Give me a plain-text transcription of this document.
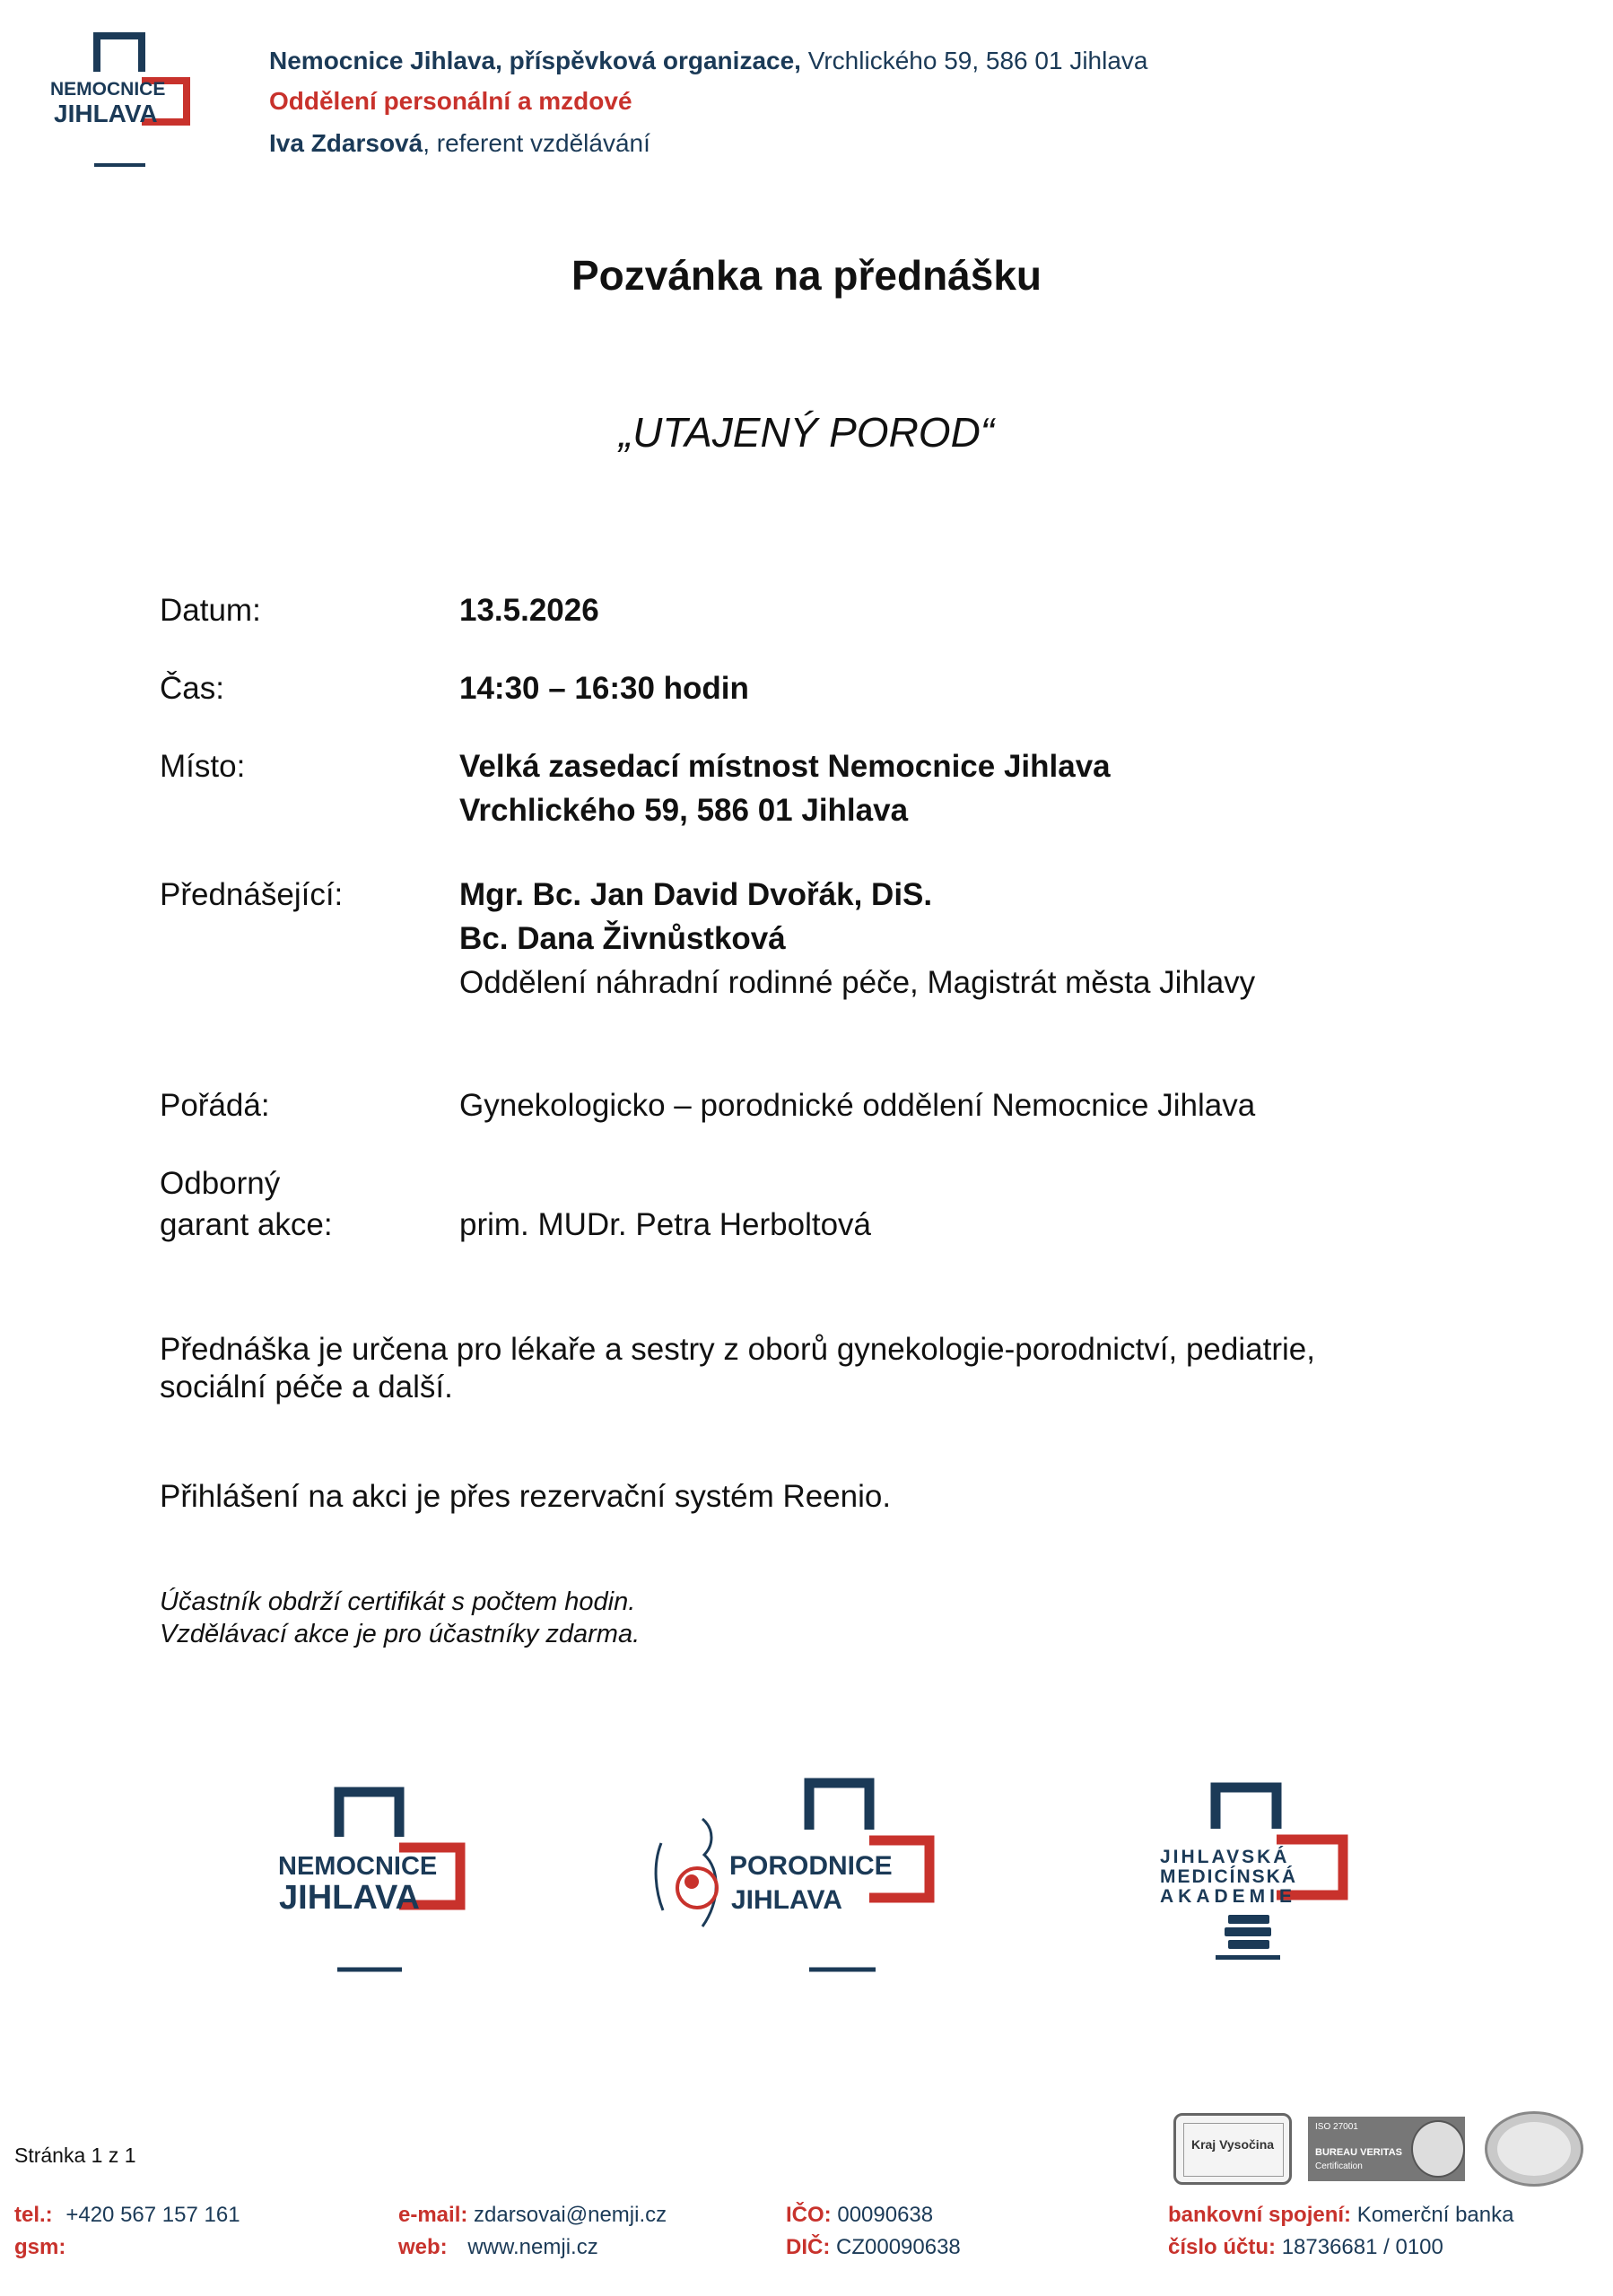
NEMOCNICE
JIHLAVA
Nemocnice Jihlava, příspěvková organizace, Vrchlického 59, 586 01 Jihlava
Oddělení personální a mzdové
Iva Zdarsová, referent vzdělávání
Pozvánka na přednášku
„UTAJENÝ POROD“
Datum:	13.5.2026
Čas:	14:30 – 16:30 hodin
Místo:	Velká zasedací místnost Nemocnice Jihlava
Vrchlického 59, 586 01 Jihlava
Přednášející:	Mgr. Bc. Jan David Dvořák, DiS.
Bc. Dana Živnůstková
Oddělení náhradní rodinné péče, Magistrát města Jihlavy
Pořádá:	Gynekologicko – porodnické oddělení Nemocnice Jihlava
Odborný
garant akce:	prim. MUDr. Petra Herboltová
Přednáška je určena pro lékaře a sestry z oborů gynekologie-porodnictví, pediatrie,
sociální péče a další.
Přihlášení na akci je přes rezervační systém Reenio.
Účastník obdrží certifikát s počtem hodin.
Vzdělávací akce je pro účastníky zdarma.
NEMOCNICE
JIHLAVA
PORODNICE
JIHLAVA
JIHLAVSKÁ
MEDICÍNSKÁ
AKADEMIE
Kraj Vysočina
ISO 27001
BUREAU VERITAS
Certification
Stránka 1 z 1
tel.: +420 567 157 161
gsm:
e-mail: zdarsovai@nemji.cz
web: www.nemji.cz
IČO: 00090638
DIČ: CZ00090638
bankovní spojení: Komerční banka
číslo účtu: 18736681 / 0100
